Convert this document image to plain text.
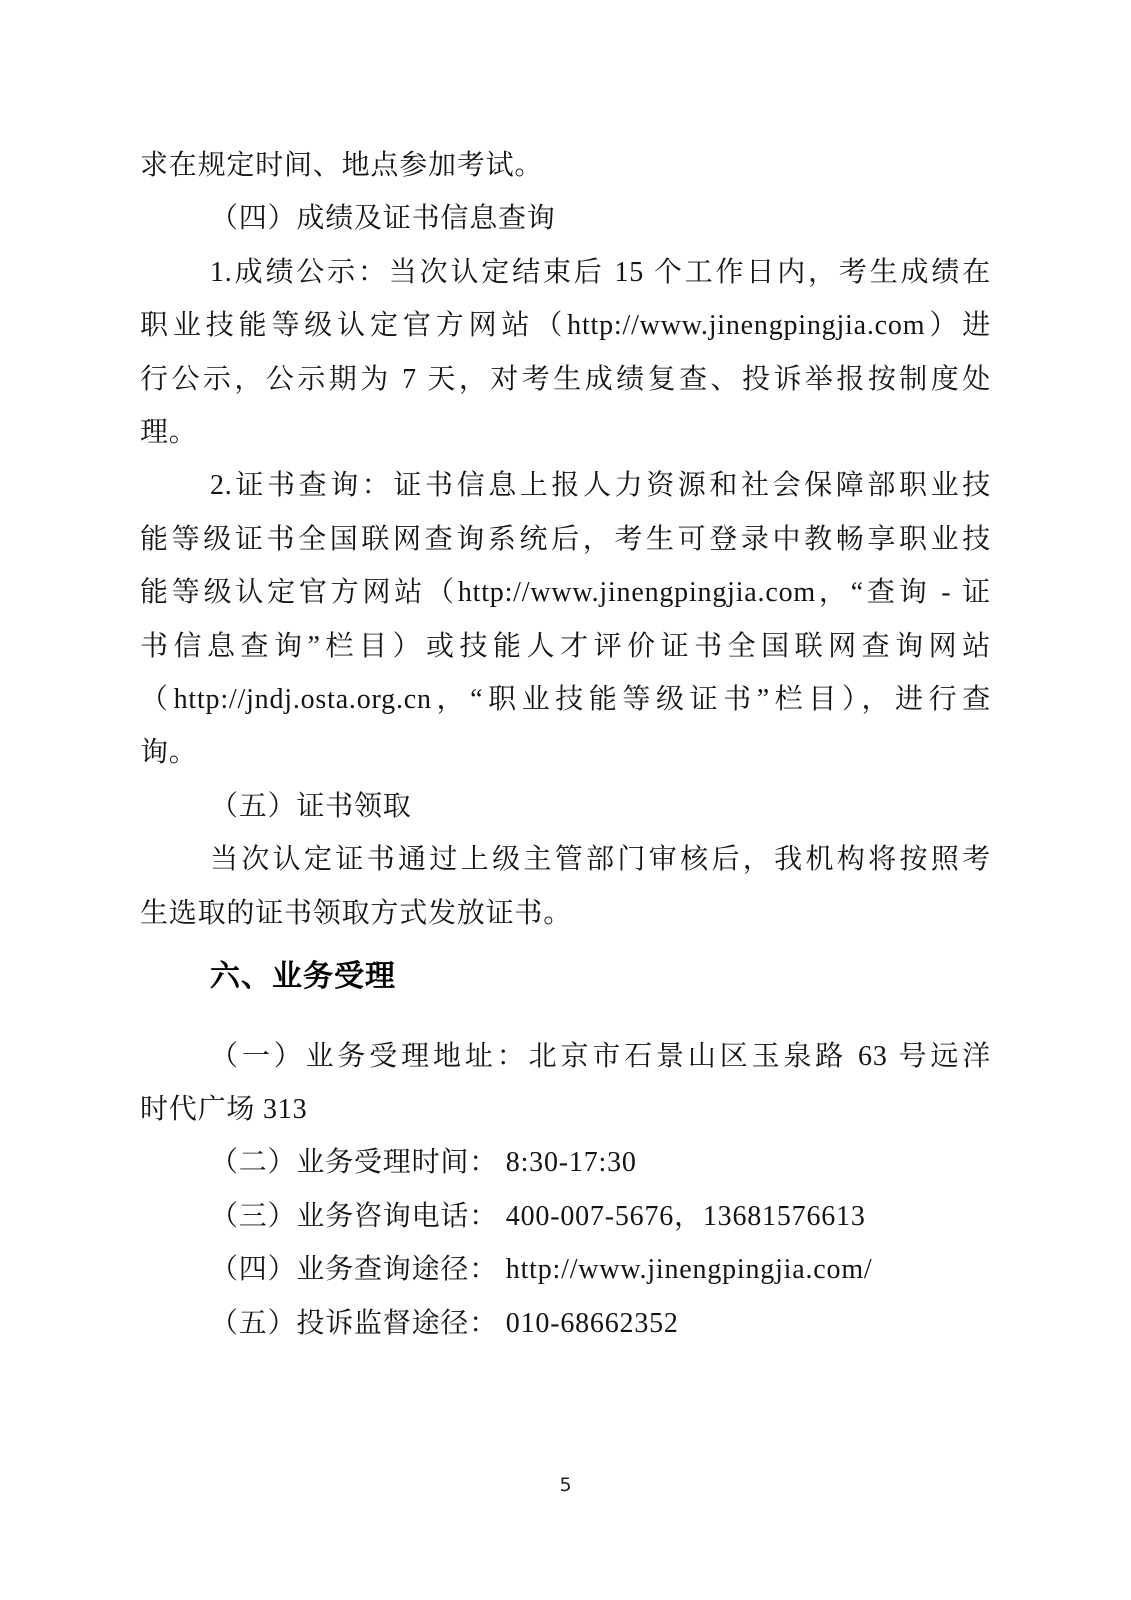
求在规定时间、地点参加考试。
（四）成绩及证书信息查询
1.成绩公示：当次认定结束后 15 个工作日内，考生成绩在
职业技能等级认定官方网站（http://www.jinengpingjia.com）进
行公示，公示期为 7 天，对考生成绩复查、投诉举报按制度处
理。
2.证书查询：证书信息上报人力资源和社会保障部职业技
能等级证书全国联网查询系统后，考生可登录中教畅享职业技
能等级认定官方网站（http://www.jinengpingjia.com，“查询 - 证
书信息查询”栏目）或技能人才评价证书全国联网查询网站
（http://jndj.osta.org.cn，“职业技能等级证书”栏目），进行查
询。
（五）证书领取
当次认定证书通过上级主管部门审核后，我机构将按照考
生选取的证书领取方式发放证书。
六、业务受理
（一）业务受理地址：北京市石景山区玉泉路 63 号远洋
时代广场 313
（二）业务受理时间： 8:30-17:30
（三）业务咨询电话： 400-007-5676，13681576613
（四）业务查询途径： http://www.jinengpingjia.com/
（五）投诉监督途径： 010-68662352
5
